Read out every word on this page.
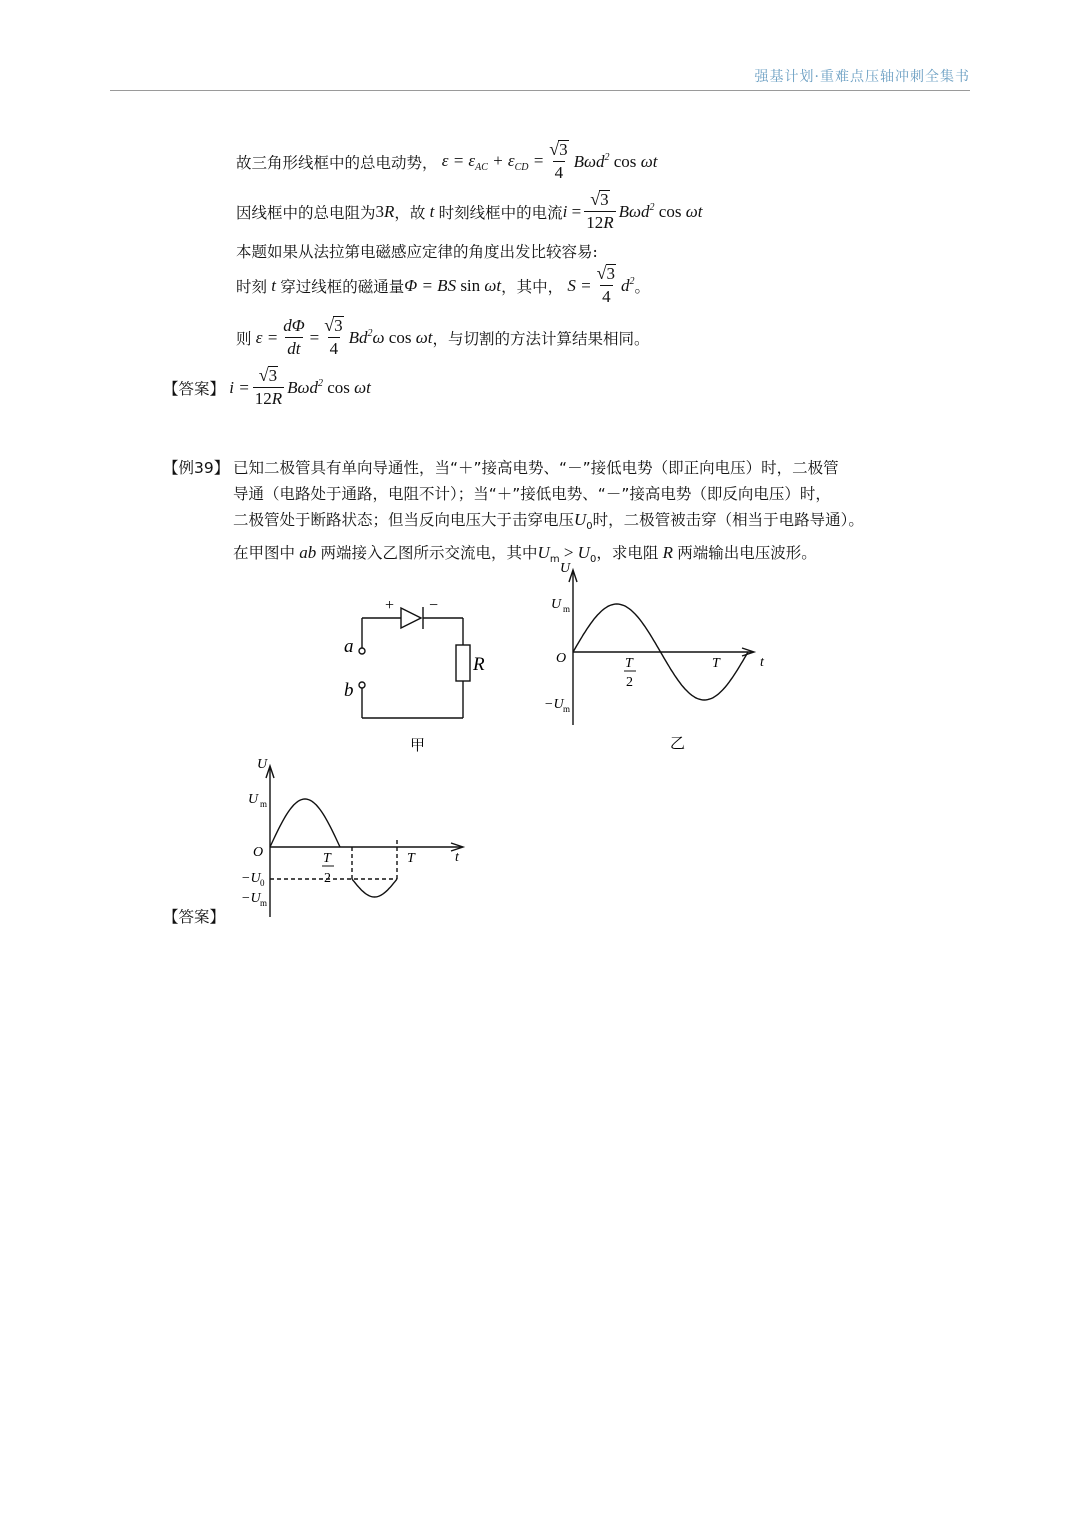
强基计划·重难点压轴冲刺全集书
故三角形线框中的总电动势， $\varepsilon = \varepsilon_{AC} + \varepsilon_{CD} = \frac{√ 3}{4} B\omega d^2$ cos ωt
因线框中的总电阻为 3 R ，故 t 时刻线框中的电流 $i = \frac{√ 3}{12R} B\omega d^2$ cos ωt
本题如果从法拉第电磁感应定律的角度出发比较容易:
时刻 t 穿过线框的磁通量 Φ = BS sin ωt ，其中， $S = \frac{√ 3}{4} d^2$ 。
则 $\varepsilon = \frac{d\Phi}{dt} = \frac{√ 3}{4} Bd^2\omega$ cos ωt ，与切割的方法计算结果相同。
【答案】 $i = \frac{√ 3}{12R} B\omega d^2$ cos ωt
【例39】 已知二极管具有单向导通性，当“＋”接高电势、“－”接低电势（即正向电压）时，二极管
导通（电路处于通路，电阻不计）；当“＋”接低电势、“－”接高电势（即反向电压）时，
二极管处于断路状态；但当反向电压大于击穿电压$U_0$时，二极管被击穿（相当于电路导通）。
在甲图中 ab 两端接入乙图所示交流电，其中$U_m > U_0$，求电阻 R 两端输出电压波形。
+ −
a
b
R
甲
U
t
O
U m
−U m
T
2
T
乙
U
t
O
U m
−U 0
−U m
T
2
T
【答案】
